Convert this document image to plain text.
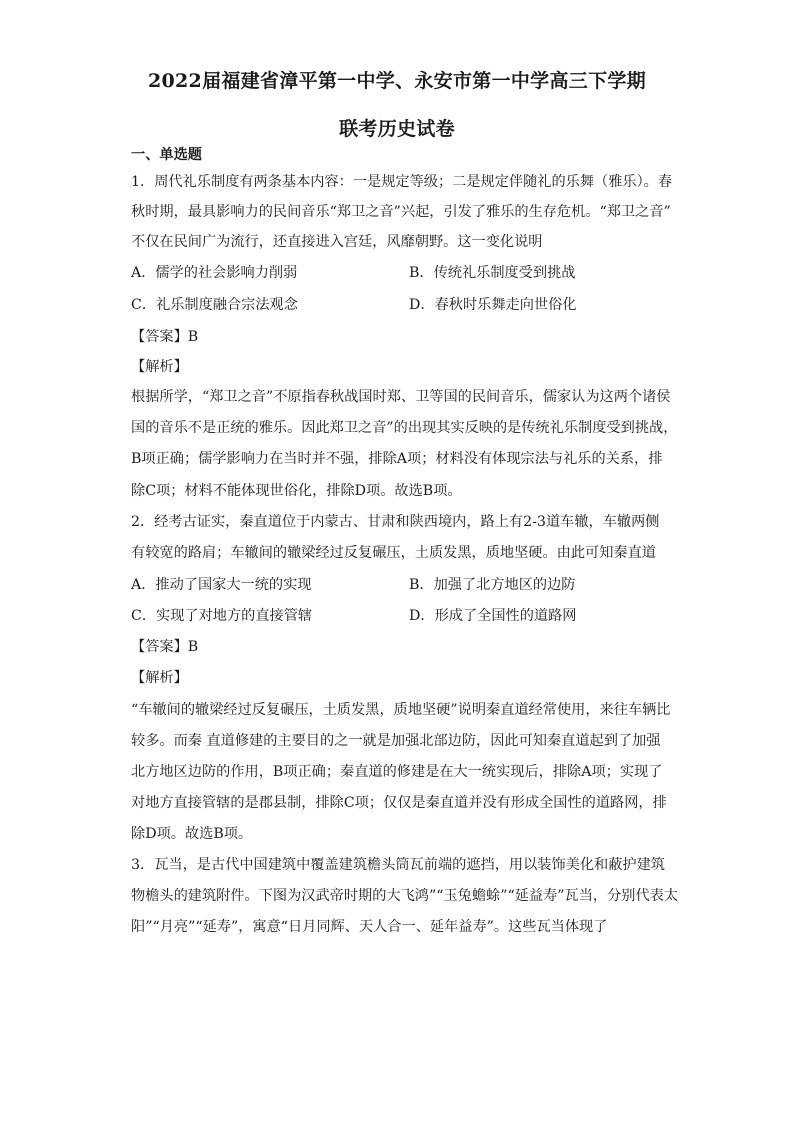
2022届福建省漳平第一中学、永安市第一中学高三下学期
联考历史试卷
一、单选题
1．周代礼乐制度有两条基本内容：一是规定等级；二是规定伴随礼的乐舞（雅乐）。春
秋时期，最具影响力的民间音乐“郑卫之音”兴起，引发了雅乐的生存危机。“郑卫之音”
不仅在民间广为流行，还直接进入宫廷，风靡朝野。这一变化说明
A．儒学的社会影响力削弱	B．传统礼乐制度受到挑战
C．礼乐制度融合宗法观念	D．春秋时乐舞走向世俗化
【答案】B
【解析】
根据所学，“郑卫之音”不原指春秋战国时郑、卫等国的民间音乐，儒家认为这两个诸侯
国的音乐不是正统的雅乐。因此郑卫之音”的出现其实反映的是传统礼乐制度受到挑战，
B项正确；儒学影响力在当时并不强，排除A项；材料没有体现宗法与礼乐的关系，排
除C项；材料不能体现世俗化，排除D项。故选B项。
2．经考古证实，秦直道位于内蒙古、甘肃和陕西境内，路上有2-3道车辙，车辙两侧
有较宽的路肩；车辙间的辙梁经过反复碾压，土质发黑，质地坚硬。由此可知秦直道
A．推动了国家大一统的实现	B．加强了北方地区的边防
C．实现了对地方的直接管辖	D．形成了全国性的道路网
【答案】B
【解析】
“车辙间的辙梁经过反复碾压，土质发黑，质地坚硬”说明秦直道经常使用，来往车辆比
较多。而秦 直道修建的主要目的之一就是加强北部边防，因此可知秦直道起到了加强
北方地区边防的作用，B项正确；秦直道的修建是在大一统实现后，排除A项；实现了
对地方直接管辖的是郡县制，排除C项；仅仅是秦直道并没有形成全国性的道路网，排
除D项。故选B项。
3．瓦当，是古代中国建筑中覆盖建筑檐头筒瓦前端的遮挡，用以装饰美化和蔽护建筑
物檐头的建筑附件。下图为汉武帝时期的大飞鸿”“玉兔蟾蜍”“延益寿”瓦当，分别代表太
阳”“月亮”“延寿”，寓意“日月同辉、天人合一、延年益寿”。这些瓦当体现了
